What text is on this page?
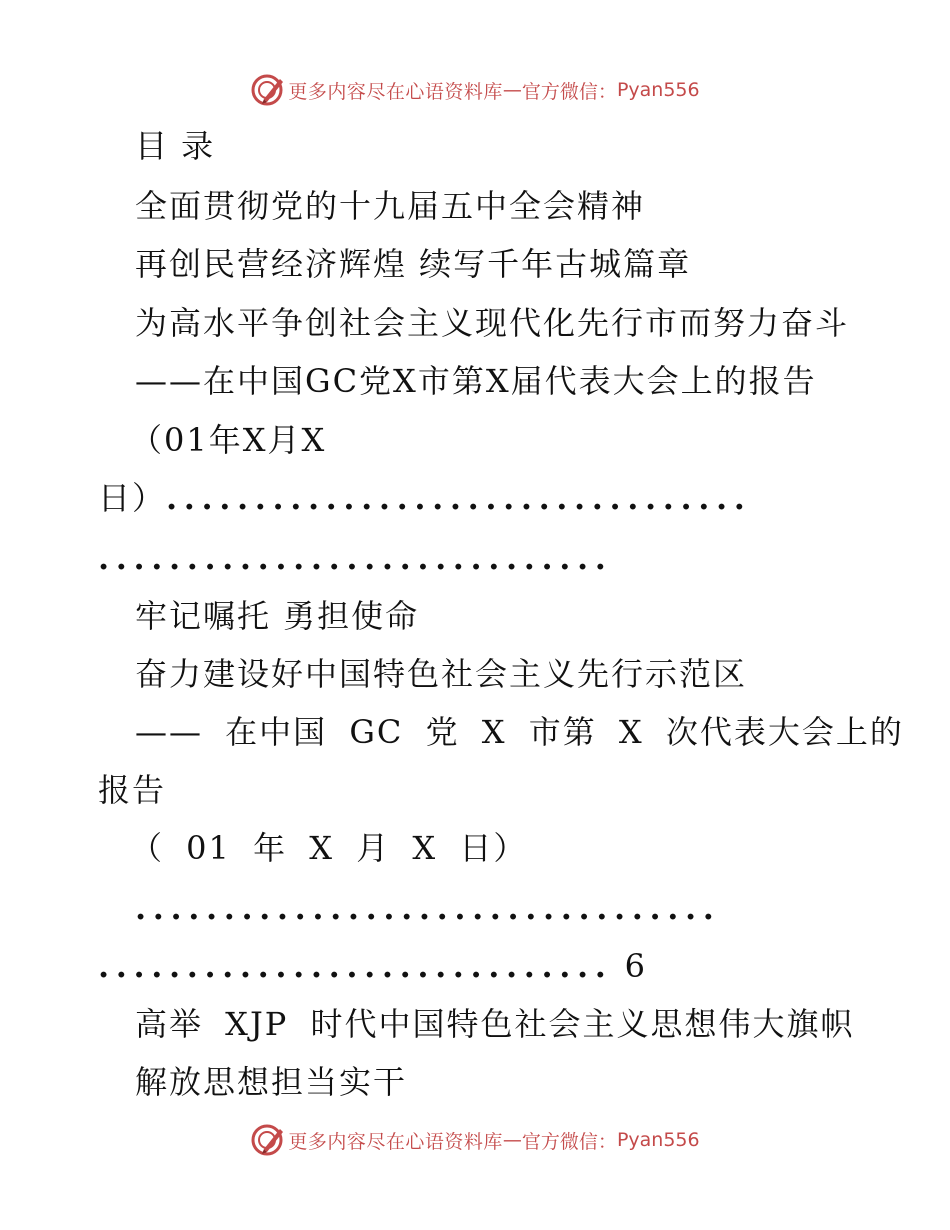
更多内容尽在心语资料库 — 官方微信： Pyan556
目 录
全面贯彻党的十九届五中全会精神
再创民营经济辉煌 续写千年古城篇章
为高水平争创社会主义现代化先行市而努力奋斗
——在中国GC党X市第X届代表大会上的报告
（01年X月X
日）.................................
.............................
牢记嘱托 勇担使命
奋力建设好中国特色社会主义先行示范区
—— 在中国 GC 党 X 市第 X 次代表大会上的
报告
（ 01 年 X 月 X 日）
.................................
............................. 6
高举 XJP 时代中国特色社会主义思想伟大旗帜
解放思想担当实干
更多内容尽在心语资料库 — 官方微信： Pyan556
